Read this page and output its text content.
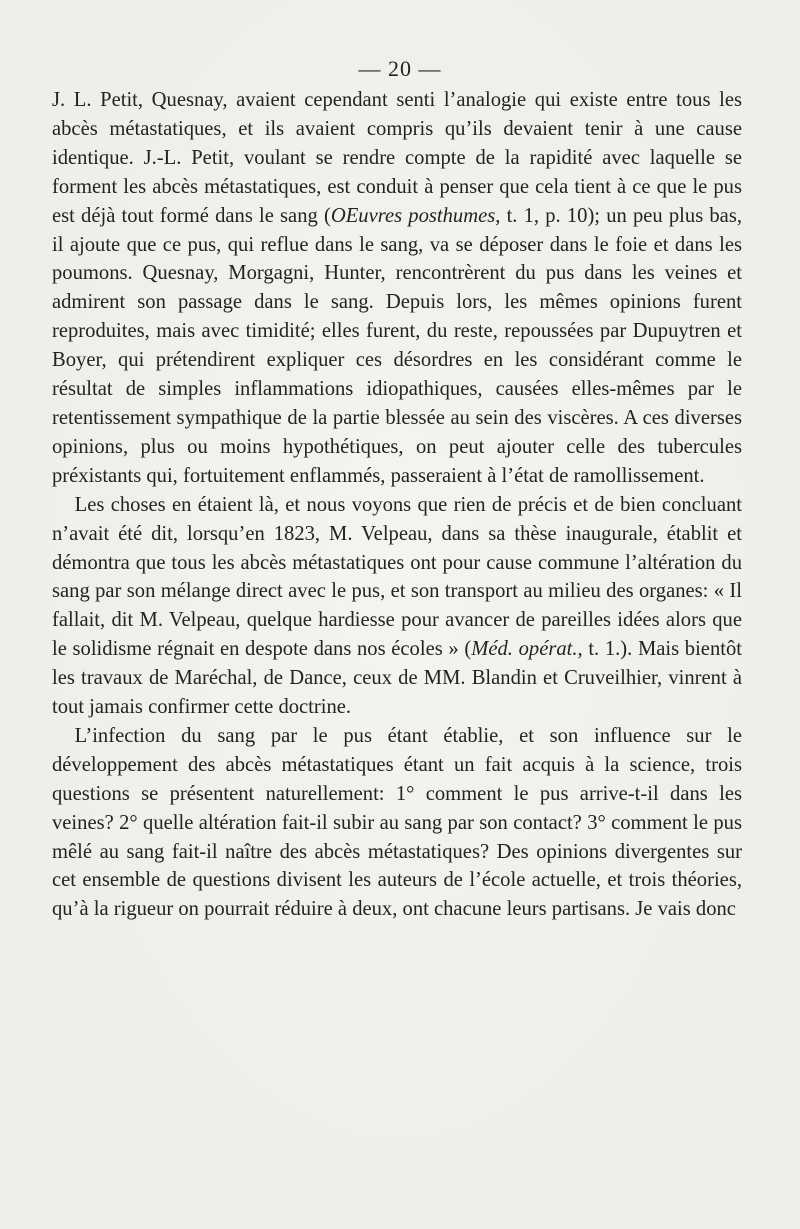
— 20 —

J. L. Petit, Quesnay, avaient cependant senti l’analogie qui existe entre tous les abcès métastatiques, et ils avaient compris qu’ils devaient tenir à une cause identique. J.-L. Petit, voulant se rendre compte de la rapidité avec laquelle se forment les abcès métastatiques, est conduit à penser que cela tient à ce que le pus est déjà tout formé dans le sang (OEuvres posthumes, t. 1, p. 10); un peu plus bas, il ajoute que ce pus, qui reflue dans le sang, va se déposer dans le foie et dans les poumons. Quesnay, Morgagni, Hunter, rencontrèrent du pus dans les veines et admirent son passage dans le sang. Depuis lors, les mêmes opinions furent reproduites, mais avec timidité; elles furent, du reste, repoussées par Dupuytren et Boyer, qui prétendirent expliquer ces désordres en les considérant comme le résultat de simples inflammations idiopathiques, causées elles-mêmes par le retentissement sympathique de la partie blessée au sein des viscères. A ces diverses opinions, plus ou moins hypothétiques, on peut ajouter celle des tubercules préxistants qui, fortuitement enflammés, passeraient à l’état de ramollissement.

Les choses en étaient là, et nous voyons que rien de précis et de bien concluant n’avait été dit, lorsqu’en 1823, M. Velpeau, dans sa thèse inaugurale, établit et démontra que tous les abcès métastatiques ont pour cause commune l’altération du sang par son mélange direct avec le pus, et son transport au milieu des organes: « Il fallait, dit M. Velpeau, quelque hardiesse pour avancer de pareilles idées alors que le solidisme régnait en despote dans nos écoles » (Méd. opérat., t. 1.). Mais bientôt les travaux de Maréchal, de Dance, ceux de MM. Blandin et Cruveilhier, vinrent à tout jamais confirmer cette doctrine.

L’infection du sang par le pus étant établie, et son influence sur le développement des abcès métastatiques étant un fait acquis à la science, trois questions se présentent naturellement: 1° comment le pus arrive-t-il dans les veines? 2° quelle altération fait-il subir au sang par son contact? 3° comment le pus mêlé au sang fait-il naître des abcès métastatiques? Des opinions divergentes sur cet ensemble de questions divisent les auteurs de l’école actuelle, et trois théories, qu’à la rigueur on pourrait réduire à deux, ont chacune leurs partisans. Je vais donc
